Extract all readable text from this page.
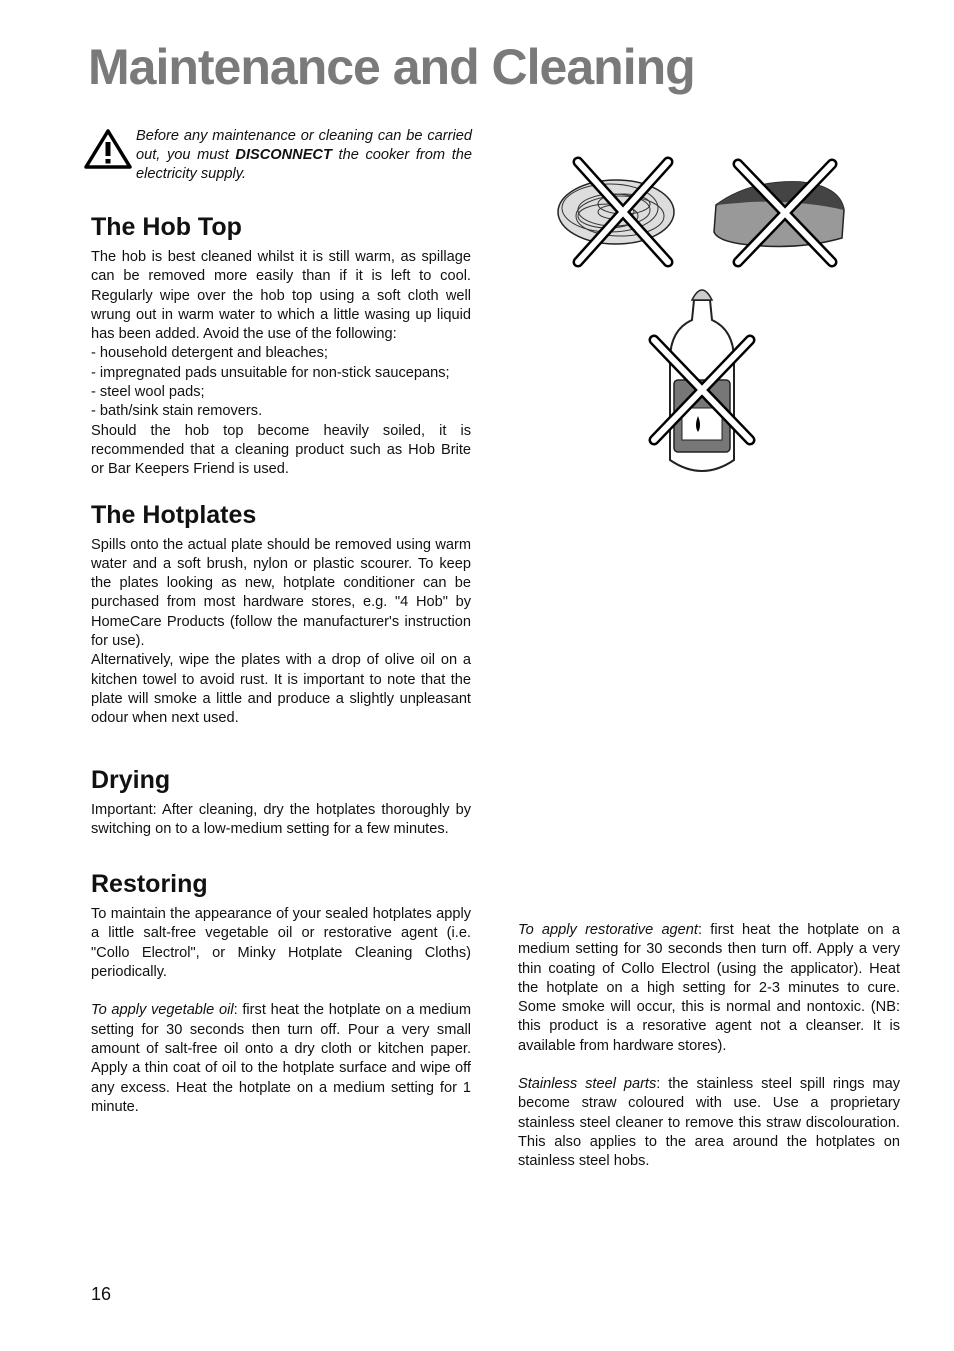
Maintenance and Cleaning

Before any maintenance or cleaning can be carried out, you must DISCONNECT the cooker from the electricity supply.

The Hob Top

The hob is best cleaned whilst it is still warm, as spillage can be removed more easily than if it is left to cool. Regularly wipe over the hob top using a soft cloth well wrung out in warm water to which a little wasing up liquid has been added. Avoid the use of the following:

- household detergent and bleaches;

- impregnated pads unsuitable for non-stick saucepans;

- steel wool pads;

- bath/sink stain removers.

Should the hob top become heavily soiled, it is recommended that a cleaning product such as Hob Brite or Bar Keepers Friend is used.

The Hotplates

Spills onto the actual plate should be removed using warm water and a soft brush, nylon or plastic scourer. To keep the plates looking as new, hotplate conditioner can be purchased from most hardware stores, e.g. "4 Hob" by HomeCare Products (follow the manufacturer's instruction for use).

Alternatively, wipe the plates with a drop of olive oil on a kitchen towel to avoid rust. It is important to note that the plate will smoke a little and produce a slightly unpleasant odour when next used.

Drying

Important: After cleaning, dry the hotplates thoroughly by switching on to a low-medium setting for a few minutes.

Restoring

To maintain the appearance of your sealed hotplates apply a little salt-free vegetable oil or restorative agent (i.e. "Collo Electrol", or Minky Hotplate Cleaning Cloths) periodically.

To apply vegetable oil: first heat the hotplate on a medium setting for 30 seconds then turn off. Pour a very small amount of salt-free oil onto a dry cloth or kitchen paper. Apply a thin coat of oil to the hotplate surface and wipe off any excess. Heat the hotplate on a medium setting for 1 minute.

To apply restorative agent: first heat the hotplate on a medium setting for 30 seconds then turn off. Apply a very thin coating of Collo Electrol (using the applicator). Heat the hotplate on a high setting for 2-3 minutes to cure. Some smoke will occur, this is normal and nontoxic. (NB: this product is a resorative agent not a cleanser. It is available from hardware stores).

Stainless steel parts: the stainless steel spill rings may become straw coloured with use. Use a proprietary stainless steel cleaner to remove this straw discolouration. This also applies to the area around the hotplates on stainless steel hobs.

16
